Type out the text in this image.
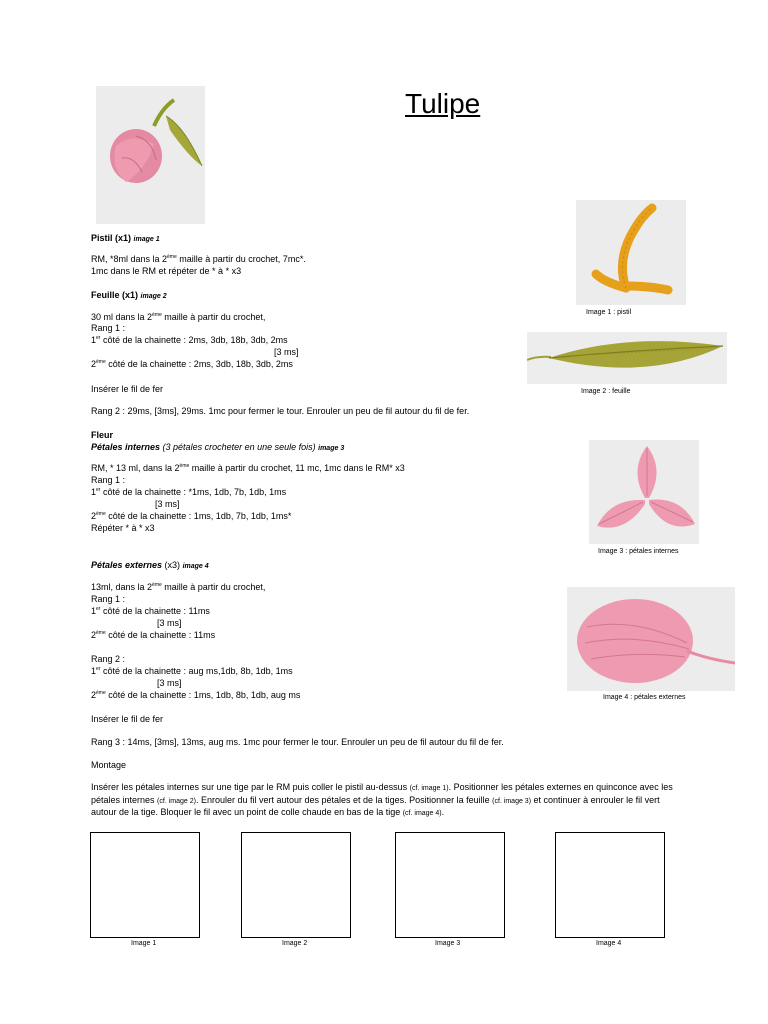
Tulipe
Pistil (x1) image 1
RM, *8ml dans la 2ème maille à partir du crochet, 7mc*.
1mc dans le RM et répéter de * à * x3
Feuille (x1) image 2
30 ml dans la 2ème maille à partir du crochet,
Rang 1 :
1er côté de la chainette : 2ms, 3db, 18b, 3db, 2ms
[3 ms]
2ème côté de la chainette : 2ms, 3db, 18b, 3db, 2ms
Insérer le fil de fer
Rang 2 : 29ms, [3ms], 29ms. 1mc pour fermer le tour. Enrouler un peu de fil autour du fil de fer.
Fleur
Pétales internes (3 pétales crocheter en une seule fois) image 3
RM, * 13 ml, dans la 2ème maille à partir du crochet, 11 mc, 1mc dans le RM* x3
Rang 1 :
1er côté de la chainette : *1ms, 1db, 7b, 1db, 1ms
[3 ms]
2ème côté de la chainette : 1ms, 1db, 7b, 1db, 1ms*
Répéter * à * x3
Pétales externes (x3) image 4
13ml, dans la 2ème maille à partir du crochet,
Rang 1 :
1er côté de la chainette : 11ms
[3 ms]
2ème côté de la chainette : 11ms
Rang 2 :
1er côté de la chainette : aug ms,1db, 8b, 1db, 1ms
[3 ms]
2ème côté de la chainette : 1ms, 1db, 8b, 1db, aug ms
Insérer le fil de fer
Rang 3 : 14ms, [3ms], 13ms, aug ms. 1mc pour fermer le tour. Enrouler un peu de fil autour du fil de fer.
Montage
Insérer les pétales internes sur une tige par le RM puis coller le pistil au-dessus (cf. image 1). Positionner les pétales externes en quinconce avec les pétales internes (cf. image 2). Enrouler du fil vert autour des pétales et de la tiges. Positionner la feuille (cf. image 3) et continuer à enrouler le fil vert autour de la tige. Bloquer le fil avec un point de colle chaude en bas de la tige (cf. image 4).
Image 1 : pistil
Image 2 : feuille
Image 3 : pétales internes
Image 4 : pétales externes
Image 1	Image 2	Image 3	Image 4
